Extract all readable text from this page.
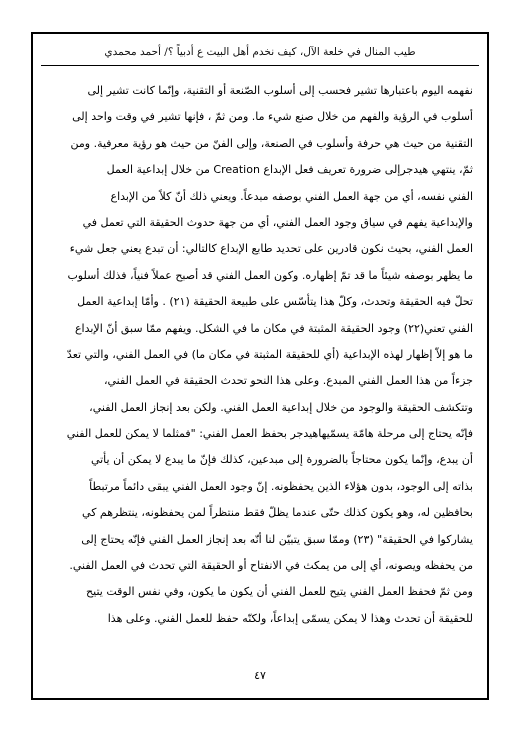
طيب المنال في خلعة الآل، كيف نخدم أهل البيت ع أدبياً ؟/ أحمد محمدي
نفهمه اليوم باعتبارها تشير فحسب إلى أسلوب الصّنعة أو التقنية، وإنّما كانت تشير إلى
أسلوب في الرؤية والفهم من خلال صنع شيء ما. ومن ثمّ ، فإنها تشير في وقت واحد إلى
التقنية من حيث هي حرفة وأسلوب في الصنعة، وإلى الفنّ من حيث هو رؤية معرفية. ومن
ثمّ، ينتهي هيدجرإلى ضرورة تعريف فعل الإبداع Creation من خلال إبداعية العمل
الفني نفسه، أي من جهة العمل الفني بوصفه مبدعاً. ويعني ذلك أنّ كلاً من الإبداع
والإبداعية يفهم في سياق وجود العمل الفني، أي من جهة حدوث الحقيقة التي تعمل في
العمل الفني، بحيث نكون قادرين على تحديد طابع الإبداع كالتالي: أن تبدع يعني جعل شيء
ما يظهر بوصفه شيئاً ما قد تمّ إظهاره. وكون العمل الفني قد أصبح عملاً فنياً، فذلك أسلوب
تحلّ فيه الحقيقة وتحدث، وكلّ هذا يتأسّس على طبيعة الحقيقة (٢١) . وأمّا إبداعية العمل
الفني تعني(٢٢) وجود الحقيقة المثبتة في مكان ما في الشكل. ويفهم ممّا سبق أنّ الإبداع
ما هو إلاّ إظهار لهذه الإبداعية (أي للحقيقة المثبتة في مكان ما) في العمل الفني، والتي تعدّ
جزءاً من هذا العمل الفني المبدع. وعلى هذا النحو تحدث الحقيقة في العمل الفني،
وتتكشف الحقيقة والوجود من خلال إبداعية العمل الفني. ولكن بعد إنجاز العمل الفني،
فإنّه يحتاج إلى مرحلة هامّة يسمّيهاهيدجر بحفظ العمل الفني: "فمثلما لا يمكن للعمل الفني
أن يبدع، وإنّما يكون محتاجاً بالضرورة إلى مبدعين، كذلك فإنّ ما يبدع لا يمكن أن يأتي
بذاته إلى الوجود، بدون هؤلاء الذين يحفظونه. إنّ وجود العمل الفني يبقى دائماً مرتبطاً
بحافظين له، وهو يكون كذلك حتّى عندما يظلّ فقط منتظراً لمن يحفظونه، ينتظرهم كي
يشاركوا في الحقيقة" (٢٣) وممّا سبق يتبيّن لنا أنّه بعد إنجاز العمل الفني فإنّه يحتاج إلى
من يحفظه ويصونه، أي إلى من يمكث في الانفتاح أو الحقيقة التي تحدث في العمل الفني.
ومن ثمّ فحفظ العمل الفني يتيح للعمل الفني أن يكون ما يكون، وفي نفس الوقت يتيح
للحقيقة أن تحدث وهذا لا يمكن يسمّى إبداعاً، ولكنّه حفظ للعمل الفني. وعلى هذا
٤٧
